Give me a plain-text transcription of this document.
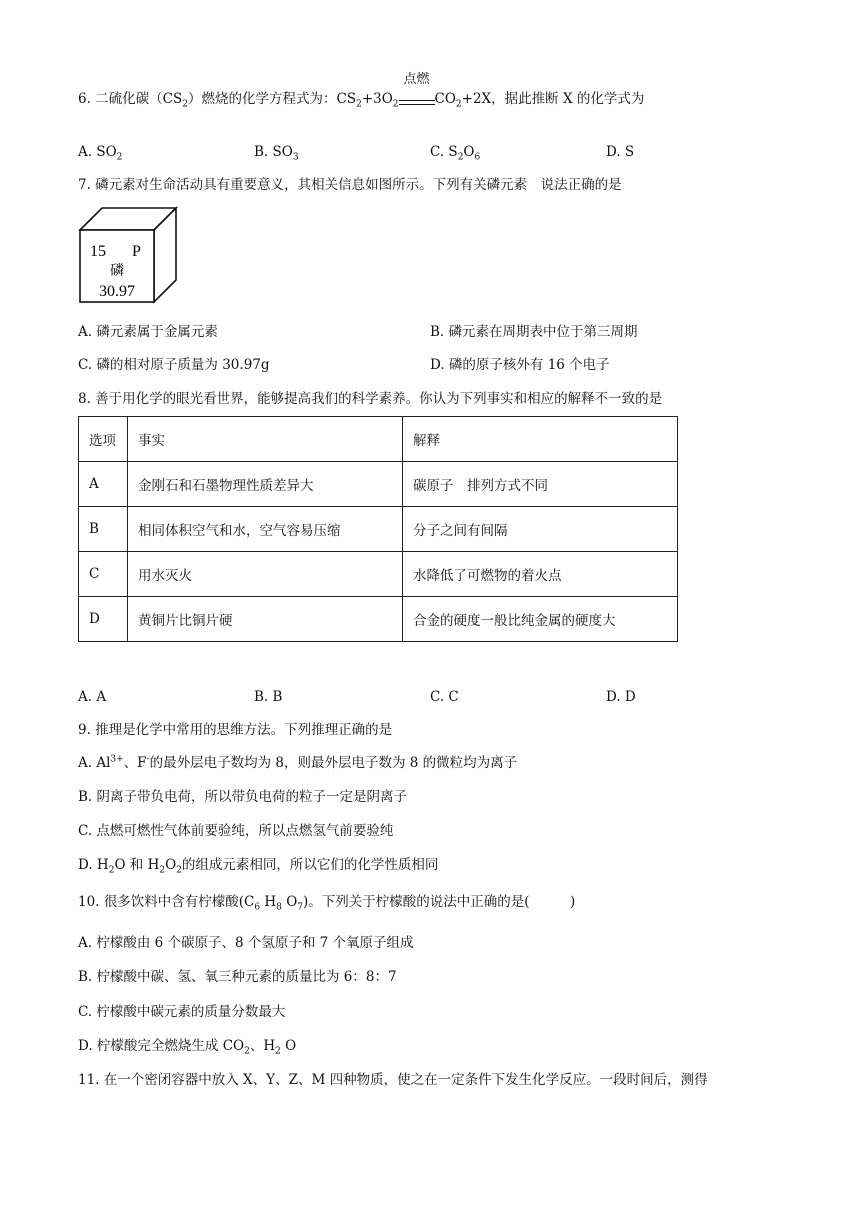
6. 二硫化碳$(CS_2)$燃烧的化学方程式为：$CS_2+3O_2$
点燃
$CO_2+2X$，据此推断 X 的化学式为
A. $SO_2$	B. $SO_3$	C. $S_2O_6$	D. S
7. 磷元素对生命活动具有重要意义，其相关信息如图所示。下列有关磷元素　说法正确的是
15 P
磷
30.97
A. 磷元素属于金属元素	B. 磷元素在周期表中位于第三周期
C. 磷的相对原子质量为 30.97g	D. 磷的原子核外有 16 个电子
8. 善于用化学的眼光看世界，能够提高我们的科学素养。你认为下列事实和相应的解释不一致的是
选项	事实	解释
A	金刚石和石墨物理性质差异大	碳原子　排列方式不同
B	相同体积空气和水，空气容易压缩	分子之间有间隔
C	用水灭火	水降低了可燃物的着火点
D	黄铜片比铜片硬	合金的硬度一般比纯金属的硬度大
A. A	B. B	C. C	D. D
9. 推理是化学中常用的思维方法。下列推理正确的是
A. $Al^{3+}$、F-的最外层电子数均为 8，则最外层电子数为 8 的微粒均为离子
B. 阴离子带负电荷，所以带负电荷的粒子一定是阴离子
C. 点燃可燃性气体前要验纯，所以点燃氢气前要验纯
D. $H_2O$ 和 $H_2O_2$的组成元素相同，所以它们的化学性质相同
10. 很多饮料中含有柠檬酸($C_6$ $H_8$ $O_7$)。下列关于柠檬酸的说法中正确的是(　　　)
A. 柠檬酸由 6 个碳原子、8 个氢原子和 7 个氧原子组成
B. 柠檬酸中碳、氢、氧三种元素的质量比为 6：8：7
C. 柠檬酸中碳元素的质量分数最大
D. 柠檬酸完全燃烧生成 $CO_2$、$H_2$ O
11. 在一个密闭容器中放入 X、Y、Z、M 四种物质，使之在一定条件下发生化学反应。一段时间后，测得
